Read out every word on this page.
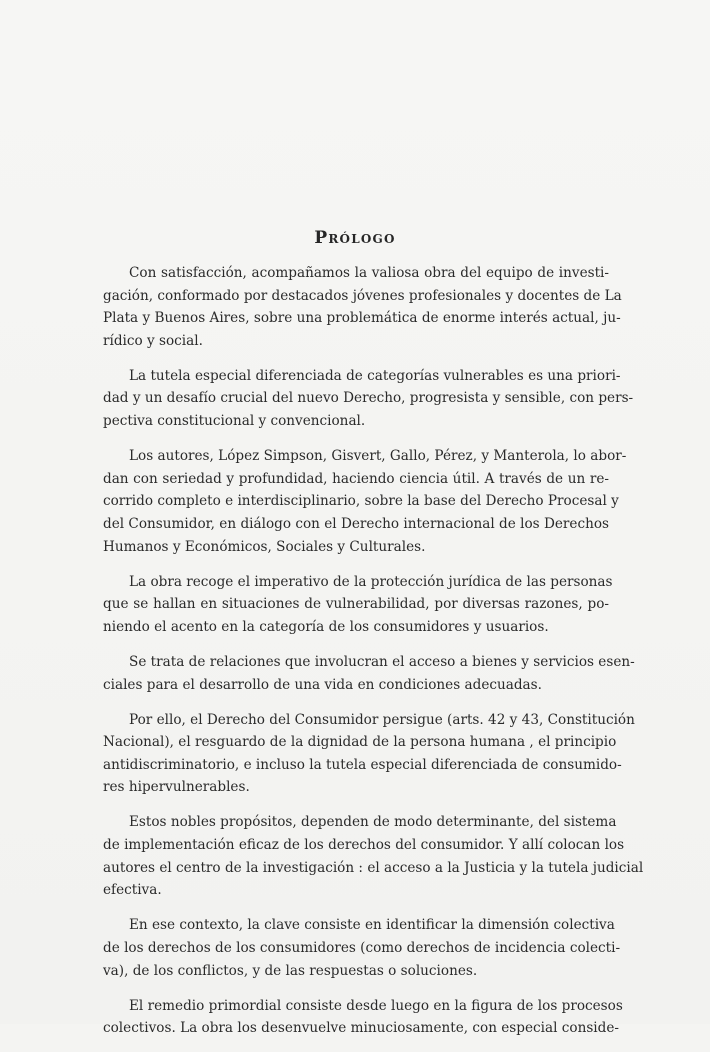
Prólogo

Con satisfacción, acompañamos la valiosa obra del equipo de investi-
gación, conformado por destacados jóvenes profesionales y docentes de La
Plata y Buenos Aires, sobre una problemática de enorme interés actual, ju-
rídico y social.

La tutela especial diferenciada de categorías vulnerables es una priori-
dad y un desafío crucial del nuevo Derecho, progresista y sensible, con pers-
pectiva constitucional y convencional.

Los autores, López Simpson, Gisvert, Gallo, Pérez, y Manterola, lo abor-
dan con seriedad y profundidad, haciendo ciencia útil. A través de un re-
corrido completo e interdisciplinario, sobre la base del Derecho Procesal y
del Consumidor, en diálogo con el Derecho internacional de los Derechos
Humanos y Económicos, Sociales y Culturales.

La obra recoge el imperativo de la protección jurídica de las personas
que se hallan en situaciones de vulnerabilidad, por diversas razones, po-
niendo el acento en la categoría de los consumidores y usuarios.

Se trata de relaciones que involucran el acceso a bienes y servicios esen-
ciales para el desarrollo de una vida en condiciones adecuadas.

Por ello, el Derecho del Consumidor persigue (arts. 42 y 43, Constitución
Nacional), el resguardo de la dignidad de la persona humana , el principio
antidiscriminatorio, e incluso la tutela especial diferenciada de consumido-
res hipervulnerables.

Estos nobles propósitos, dependen de modo determinante, del sistema
de implementación eficaz de los derechos del consumidor. Y allí colocan los
autores el centro de la investigación : el acceso a la Justicia y la tutela judicial
efectiva.

En ese contexto, la clave consiste en identificar la dimensión colectiva
de los derechos de los consumidores (como derechos de incidencia colecti-
va), de los conflictos, y de las respuestas o soluciones.

El remedio primordial consiste desde luego en la figura de los procesos
colectivos. La obra los desenvuelve minuciosamente, con especial conside-
